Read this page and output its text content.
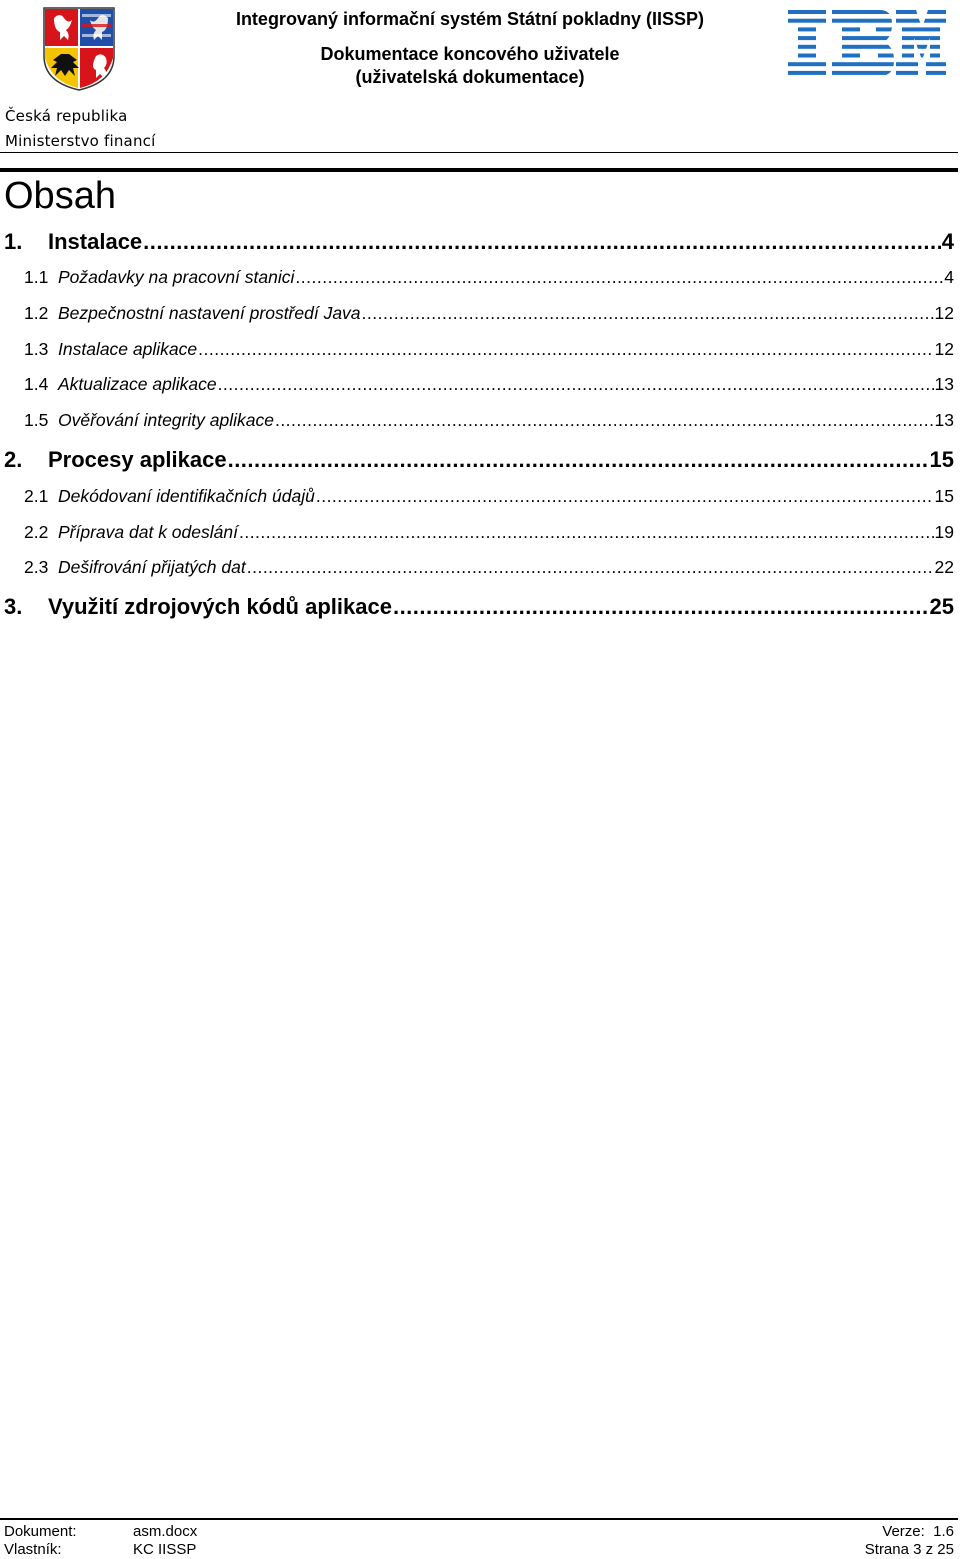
Česká republika
Ministerstvo financí
Integrovaný informační systém Státní pokladny (IISSP)
Dokumentace koncového uživatele
(uživatelská dokumentace)
Obsah
1.	Instalace .....	4
1.1 Požadavky na pracovní stanici .....	4
1.2 Bezpečnostní nastavení prostředí Java .....	12
1.3 Instalace aplikace .....	12
1.4 Aktualizace aplikace .....	13
1.5 Ověřování integrity aplikace .....	13
2.	Procesy aplikace .....	15
2.1 Dekódovaní identifikačních údajů .....	15
2.2 Příprava dat k odeslání .....	19
2.3 Dešifrování přijatých dat .....	22
3.	Využití zdrojových kódů aplikace .....	25
Dokument:	asm.docx
Vlastník:	KC IISSP
Verze:  1.6
Strana 3 z 25
